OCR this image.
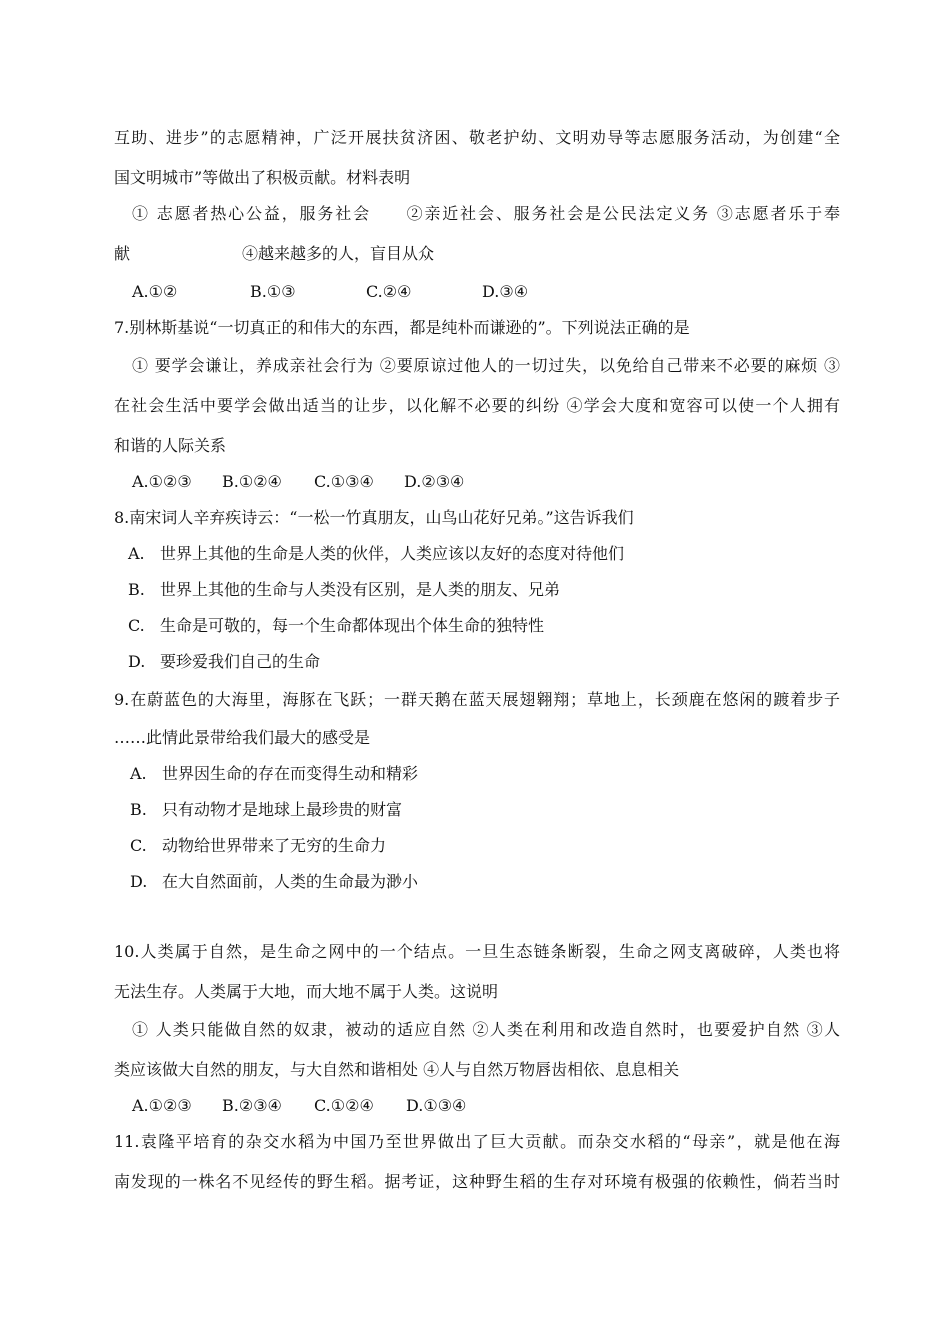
互助、进步”的志愿精神，广泛开展扶贫济困、敬老护幼、文明劝导等志愿服务活动，为创建“全
国文明城市”等做出了积极贡献。材料表明
① 志愿者热心公益，服务社会　　②亲近社会、服务社会是公民法定义务 ③志愿者乐于奉
献　　　　　　　④越来越多的人，盲目从众
A.①②	B.①③	C.②④	D.③④
7.别林斯基说“一切真正的和伟大的东西，都是纯朴而谦逊的”。下列说法正确的是
① 要学会谦让，养成亲社会行为 ②要原谅过他人的一切过失，以免给自己带来不必要的麻烦 ③
在社会生活中要学会做出适当的让步，以化解不必要的纠纷 ④学会大度和宽容可以使一个人拥有
和谐的人际关系
A.①②③	B.①②④	C.①③④	D.②③④
8.南宋词人辛弃疾诗云：“一松一竹真朋友，山鸟山花好兄弟。”这告诉我们
A. 世界上其他的生命是人类的伙伴，人类应该以友好的态度对待他们
B. 世界上其他的生命与人类没有区别，是人类的朋友、兄弟
C. 生命是可敬的，每一个生命都体现出个体生命的独特性
D. 要珍爱我们自己的生命
9.在蔚蓝色的大海里，海豚在飞跃；一群天鹅在蓝天展翅翱翔；草地上，长颈鹿在悠闲的踱着步子
……此情此景带给我们最大的感受是
A. 世界因生命的存在而变得生动和精彩
B. 只有动物才是地球上最珍贵的财富
C. 动物给世界带来了无穷的生命力
D. 在大自然面前，人类的生命最为渺小
10.人类属于自然，是生命之网中的一个结点。一旦生态链条断裂，生命之网支离破碎，人类也将
无法生存。人类属于大地，而大地不属于人类。这说明
① 人类只能做自然的奴隶，被动的适应自然 ②人类在利用和改造自然时，也要爱护自然 ③人
类应该做大自然的朋友，与大自然和谐相处 ④人与自然万物唇齿相依、息息相关
A.①②③	B.②③④	C.①②④	D.①③④
11.袁隆平培育的杂交水稻为中国乃至世界做出了巨大贡献。而杂交水稻的“母亲”，就是他在海
南发现的一株名不见经传的野生稻。据考证，这种野生稻的生存对环境有极强的依赖性，倘若当时
